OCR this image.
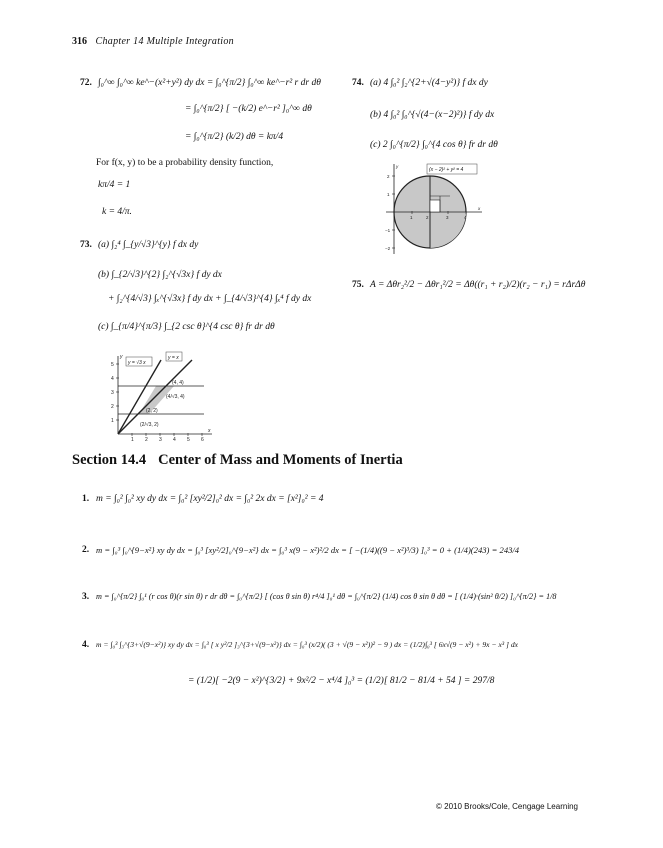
316 Chapter 14 Multiple Integration
72. ∫₀^∞ ∫₀^∞ ke^−(x²+y²) dy dx = ∫₀^{π/2} ∫₀^∞ ke^−r² r dr dθ
= ∫₀^{π/2} [ −(k/2) e^−r² ]₀^∞ dθ
= ∫₀^{π/2} (k/2) dθ = kπ/4
For f(x, y) to be a probability density function,
kπ/4 = 1
k = 4/π.
73. (a) ∫₂⁴ ∫_{y/√3}^{y} f dx dy
(b) ∫_{2/√3}^{2} ∫₂^{√3x} f dy dx
+ ∫₂^{4/√3} ∫ₓ^{√3x} f dy dx + ∫_{4/√3}^{4} ∫ₓ⁴ f dy dx
(c) ∫_{π/4}^{π/3} ∫_{2 csc θ}^{4 csc θ} fr dr dθ
1 2 3 4 5 6
1
2
3
4
5
x
y
y = √3 x
y = x
(4, 4)
(4/√3, 4)
(2, 2)
(2/√3, 2)
74. (a) 4 ∫₀² ∫₂^{2+√(4−y²)} f dx dy
(b) 4 ∫₀² ∫₀^{√(4−(x−2)²)} f dy dx
(c) 2 ∫₀^{π/2} ∫₀^{4 cos θ} fr dr dθ
1	2	3	4
2
1
−1
−2
x
y
(x − 2)² + y² = 4
75. A = Δθr₂²/2 − Δθr₁²/2 = Δθ((r₁ + r₂)/2)(r₂ − r₁) = rΔrΔθ
Section 14.4 Center of Mass and Moments of Inertia
1. m = ∫₀² ∫₀² xy dy dx = ∫₀² [xy²/2]₀² dx = ∫₀² 2x dx = [x²]₀² = 4
2. m = ∫₀³ ∫₀^{9−x²} xy dy dx = ∫₀³ [xy²/2]₀^{9−x²} dx = ∫₀³ x(9 − x²)²/2 dx = [ −(1/4)((9 − x²)³/3) ]₀³ = 0 + (1/4)(243) = 243/4
3. m = ∫₀^{π/2} ∫₀¹ (r cos θ)(r sin θ) r dr dθ = ∫₀^{π/2} [ (cos θ sin θ) r⁴/4 ]₀¹ dθ = ∫₀^{π/2} (1/4) cos θ sin θ dθ = [ (1/4)·(sin² θ/2) ]₀^{π/2} = 1/8
4. m = ∫₀³ ∫₃^{3+√(9−x²)} xy dy dx = ∫₀³ [ x y²/2 ]₃^{3+√(9−x²)} dx = ∫₀³ (x/2)( (3 + √(9 − x²))² − 9 ) dx = (1/2)∫₀³ [ 6x√(9 − x²) + 9x − x³ ] dx
= (1/2)[ −2(9 − x²)^{3/2} + 9x²/2 − x⁴/4 ]₀³ = (1/2)[ 81/2 − 81/4 + 54 ] = 297/8
© 2010 Brooks/Cole, Cengage Learning
